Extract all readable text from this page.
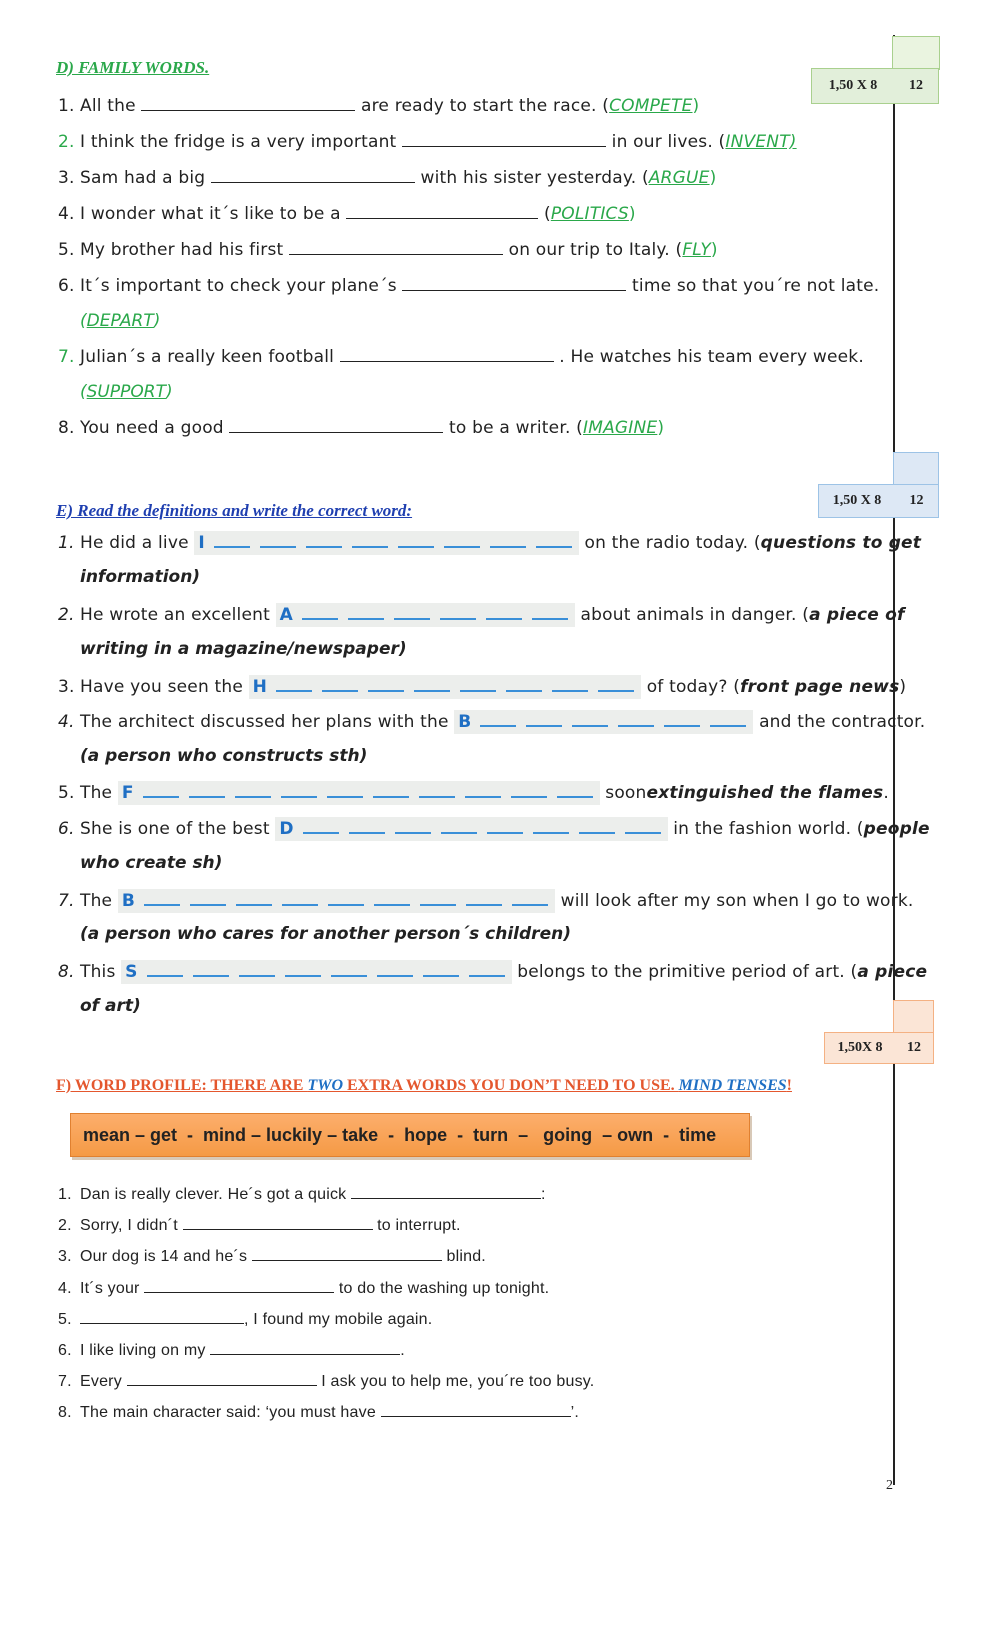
1,50 X 8	12
1,50 X 8	12
1,50X 8	12
D) FAMILY WORDS.
1. All the	are ready to start the race. (COMPETE)
2. I think the fridge is a very important	in our lives. (INVENT)
3. Sam had a big	with his sister yesterday. (ARGUE)
4. I wonder what it´s like to be a	(POLITICS)
5. My brother had his first	on our trip to Italy. (FLY)
6. It´s important to check your plane´s	time so that you´re not late.
7. Julian´s a really keen football	. He watches his team every week.
8. You need a good	to be a writer. (IMAGINE)
(DEPART)
(SUPPORT)
E) Read the definitions and write the correct word:
1. He did a live I	on the radio today. (questions to get
information)
2. He wrote an excellent A	about animals in danger. (a piece of
writing in a magazine/newspaper)
3. Have you seen the H	of today? (front page news)
4. The architect discussed her plans with the B	and the contractor.
(a person who constructs sth)
5. The F	soonextinguished the flames.
6. She is one of the best D	in the fashion world. (people
who create sh)
7. The B	will look after my son when I go to work.
(a person who cares for another person´s children)
8. This S	belongs to the primitive period of art. (a piece
of art)
F) WORD PROFILE: THERE ARE TWO EXTRA WORDS YOU DON’T NEED TO USE. MIND TENSES!
mean – get  -  mind – luckily – take  -  hope  -  turn  –   going  – own  -  time
1. Dan is really clever. He´s got a quick	:
2. Sorry, I didn´t	to interrupt.
3. Our dog is 14 and he´s	blind.
4. It´s your	to do the washing up tonight.
5.	, I found my mobile again.
6. I like living on my	.
7. Every	I ask you to help me, you´re too busy.
8. The main character said: ‘you must have	’.
2
